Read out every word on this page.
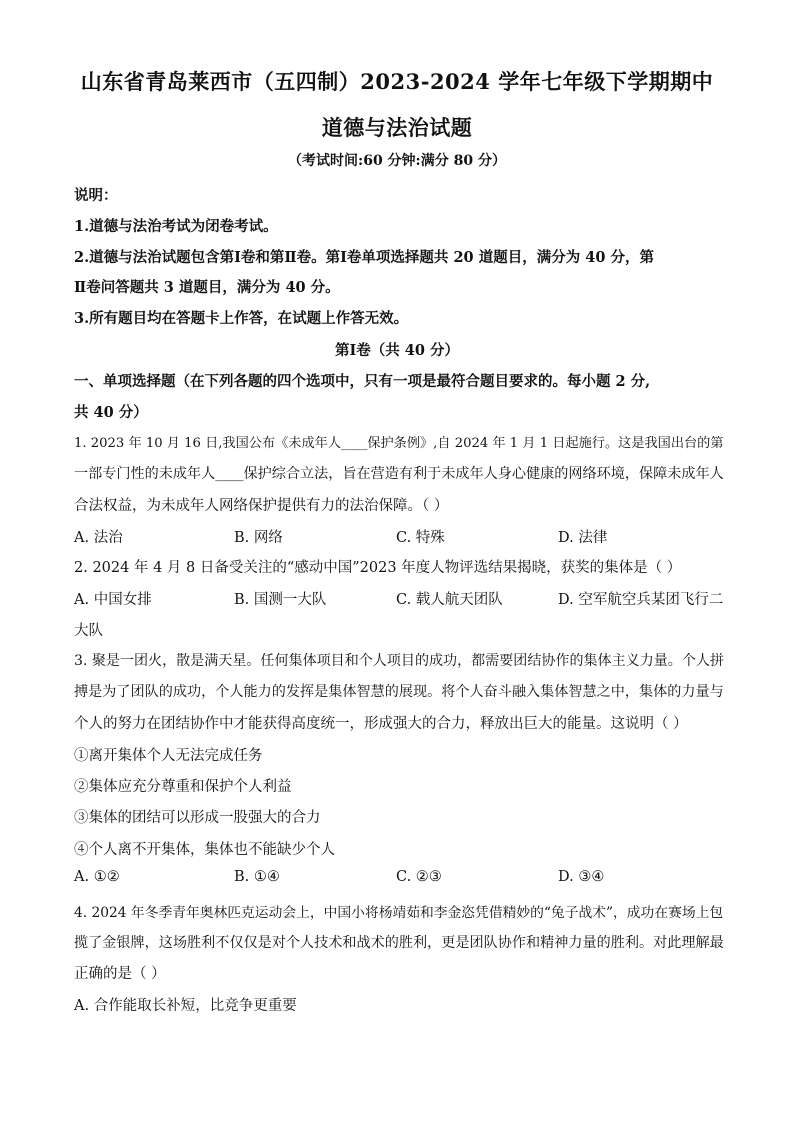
山东省青岛莱西市（五四制）2023-2024 学年七年级下学期期中
道德与法治试题
（考试时间:60 分钟:满分 80 分）
说明：
1.道德与法治考试为闭卷考试。
2.道德与法治试题包含第Ⅰ卷和第Ⅱ卷。第Ⅰ卷单项选择题共 20 道题目，满分为 40 分，第
Ⅱ卷问答题共 3 道题目，满分为 40 分。
3.所有题目均在答题卡上作答，在试题上作答无效。
第Ⅰ卷（共 40 分）
一、单项选择题（在下列各题的四个选项中，只有一项是最符合题目要求的。每小题 2 分,
共 40 分）
1. 2023 年 10 月 16 日,我国公布《未成年人____保护条例》,自 2024 年 1 月 1 日起施行。这是我国出台的第
一部专门性的未成年人____保护综合立法，旨在营造有利于未成年人身心健康的网络环境，保障未成年人
合法权益，为未成年人网络保护提供有力的法治保障。（ ）
A. 法治	B. 网络	C. 特殊	D. 法律
2. 2024 年 4 月 8 日备受关注的“感动中国”2023 年度人物评选结果揭晓，获奖的集体是（ ）
A. 中国女排	B. 国测一大队	C. 载人航天团队	D. 空军航空兵某团飞行二
大队
3. 聚是一团火，散是满天星。任何集体项目和个人项目的成功，都需要团结协作的集体主义力量。个人拼
搏是为了团队的成功，个人能力的发挥是集体智慧的展现。将个人奋斗融入集体智慧之中，集体的力量与
个人的努力在团结协作中才能获得高度统一，形成强大的合力，释放出巨大的能量。这说明（ ）
①离开集体个人无法完成任务
②集体应充分尊重和保护个人利益
③集体的团结可以形成一股强大的合力
④个人离不开集体，集体也不能缺少个人
A. ①②	B. ①④	C. ②③	D. ③④
4. 2024 年冬季青年奥林匹克运动会上，中国小将杨靖茹和李金恣凭借精妙的“兔子战术”，成功在赛场上包
揽了金银牌，这场胜利不仅仅是对个人技术和战术的胜利，更是团队协作和精神力量的胜利。对此理解最
正确的是（ ）
A. 合作能取长补短，比竞争更重要
